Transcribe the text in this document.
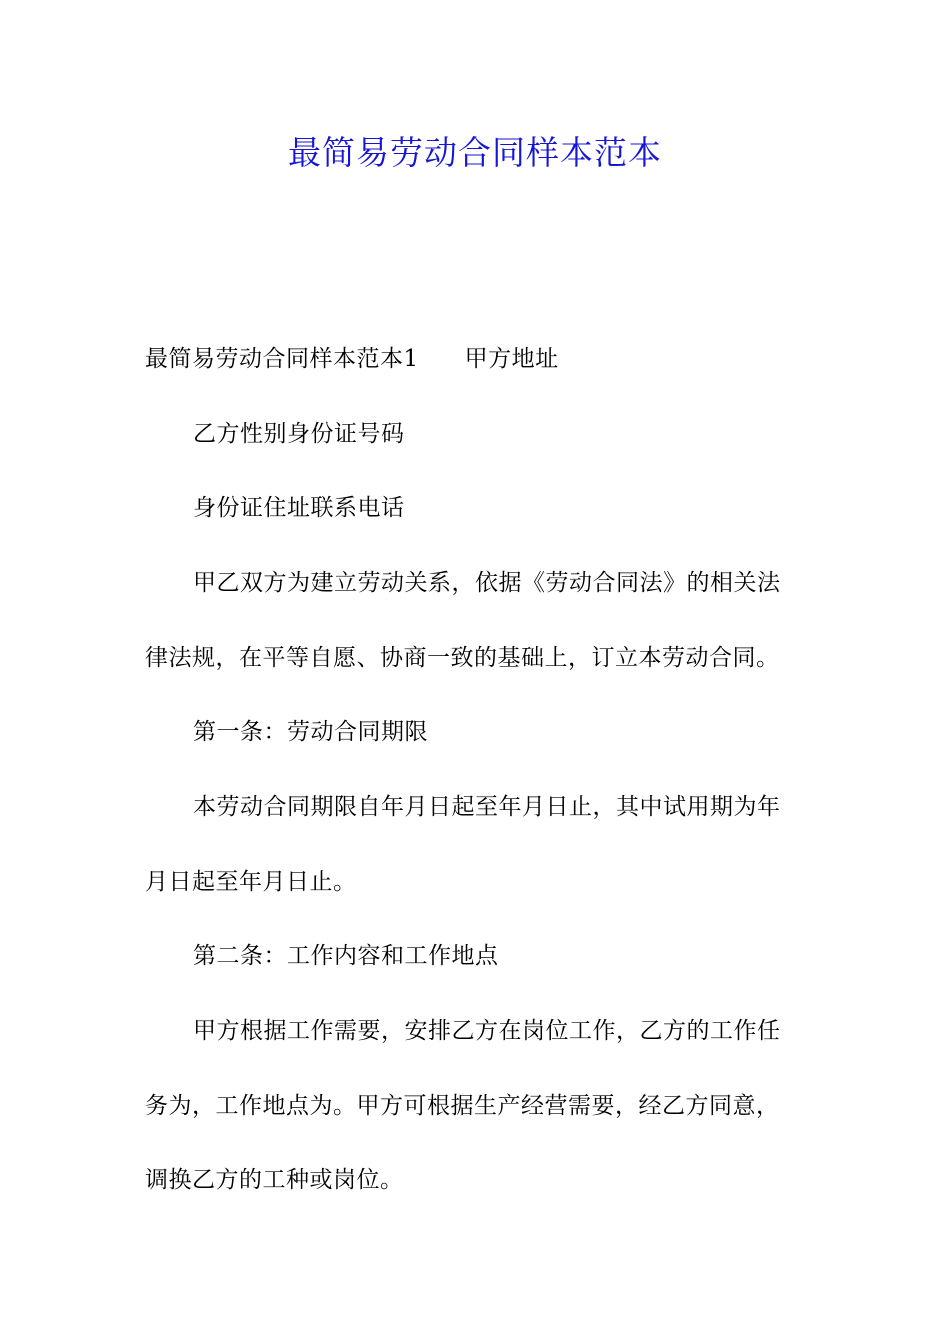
最简易劳动合同样本范本
最简易劳动合同样本范本1 甲方地址
乙方性别身份证号码
身份证住址联系电话
甲乙双方为建立劳动关系，依据《劳动合同法》的相关法
律法规，在平等自愿、协商一致的基础上，订立本劳动合同。
第一条：劳动合同期限
本劳动合同期限自年月日起至年月日止，其中试用期为年
月日起至年月日止。
第二条：工作内容和工作地点
甲方根据工作需要，安排乙方在岗位工作，乙方的工作任
务为，工作地点为。甲方可根据生产经营需要，经乙方同意，
调换乙方的工种或岗位。
